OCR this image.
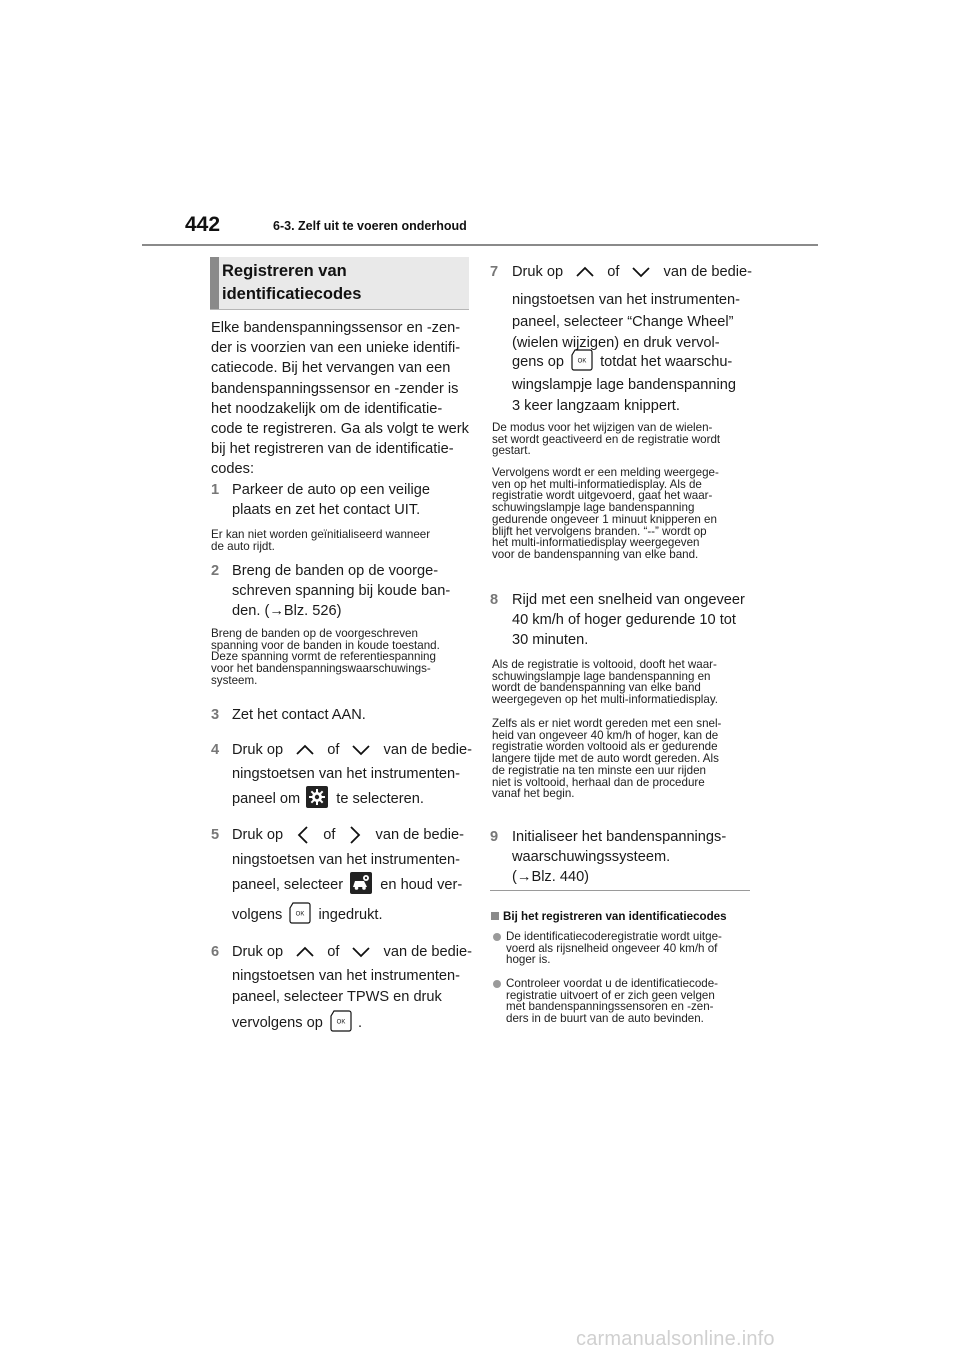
442	6-3. Zelf uit te voeren onderhoud
Registreren van
identificatiecodes
Elke bandenspanningssensor en -zen-
der is voorzien van een unieke identifi-
catiecode. Bij het vervangen van een
bandenspanningssensor en -zender is
het noodzakelijk om de identificatie-
code te registreren. Ga als volgt te werk
bij het registreren van de identificatie-
codes:
1 Parkeer de auto op een veilige
plaats en zet het contact UIT.
Er kan niet worden geïnitialiseerd wanneer
de auto rijdt.
2 Breng de banden op de voorge-
schreven spanning bij koude ban-
den. (→Blz. 526)
Breng de banden op de voorgeschreven
spanning voor de banden in koude toestand.
Deze spanning vormt de referentiespanning
voor het bandenspanningswaarschuwings-
systeem.
3 Zet het contact AAN.
4 Druk op	of	van de bedie-
ningstoetsen van het instrumenten-
paneel om te selecteren.
5 Druk op	of	van de bedie-
ningstoetsen van het instrumenten-
paneel, selecteer	en houd ver-
volgens OK ingedrukt.
6 Druk op	of	van de bedie-
ningstoetsen van het instrumenten-
paneel, selecteer TPWS en druk
vervolgens op OK .
7 Druk op	of	van de bedie-
ningstoetsen van het instrumenten-
paneel, selecteer “Change Wheel”
(wielen wijzigen) en druk vervol-
gens op OK totdat het waarschu-
wingslampje lage bandenspanning
3 keer langzaam knippert.
De modus voor het wijzigen van de wielen-
set wordt geactiveerd en de registratie wordt
gestart.
Vervolgens wordt er een melding weergege-
ven op het multi-informatiedisplay. Als de
registratie wordt uitgevoerd, gaat het waar-
schuwingslampje lage bandenspanning
gedurende ongeveer 1 minuut knipperen en
blijft het vervolgens branden. “--” wordt op
het multi-informatiedisplay weergegeven
voor de bandenspanning van elke band.
8 Rijd met een snelheid van ongeveer
40 km/h of hoger gedurende 10 tot
30 minuten.
Als de registratie is voltooid, dooft het waar-
schuwingslampje lage bandenspanning en
wordt de bandenspanning van elke band
weergegeven op het multi-informatiedisplay.
Zelfs als er niet wordt gereden met een snel-
heid van ongeveer 40 km/h of hoger, kan de
registratie worden voltooid als er gedurende
langere tijde met de auto wordt gereden. Als
de registratie na ten minste een uur rijden
niet is voltooid, herhaal dan de procedure
vanaf het begin.
9 Initialiseer het bandenspannings-
waarschuwingssysteem.
(→Blz. 440)
Bij het registreren van identificatiecodes
De identificatiecoderegistratie wordt uitge-
voerd als rijsnelheid ongeveer 40 km/h of
hoger is.
Controleer voordat u de identificatiecode-
registratie uitvoert of er zich geen velgen
met bandenspanningssensoren en -zen-
ders in de buurt van de auto bevinden.
carmanualsonline.info
